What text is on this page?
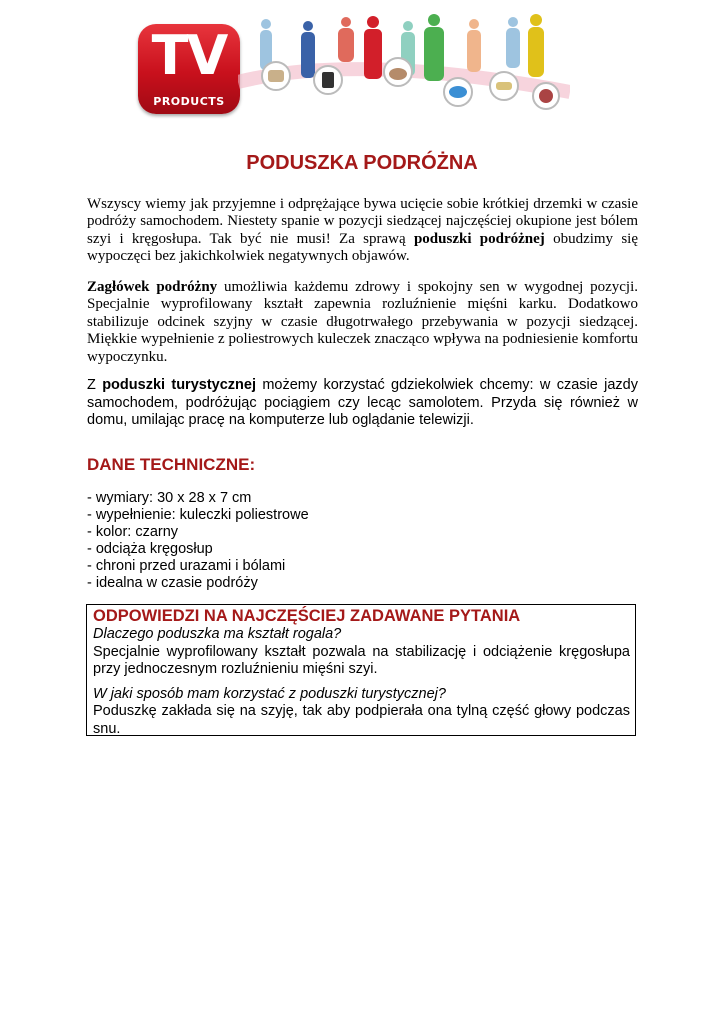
TV
PRODUCTS
PODUSZKA PODRÓŻNA

Wszyscy wiemy jak przyjemne i odprężające bywa ucięcie sobie krótkiej drzemki w czasie podróży samochodem. Niestety spanie w pozycji siedzącej najczęściej okupione jest bólem szyi i kręgosłupa. Tak być nie musi! Za sprawą poduszki podróżnej obudzimy się wypoczęci bez jakichkolwiek negatywnych objawów.

Zagłówek podróżny umożliwia każdemu zdrowy i spokojny sen w wygodnej pozycji. Specjalnie wyprofilowany kształt zapewnia rozluźnienie mięśni karku. Dodatkowo stabilizuje odcinek szyjny w czasie długotrwałego przebywania w pozycji siedzącej. Miękkie wypełnienie z poliestrowych kuleczek znacząco wpływa na podniesienie komfortu wypoczynku.

Z poduszki turystycznej możemy korzystać gdziekolwiek chcemy: w czasie jazdy samochodem, podróżując pociągiem czy lecąc samolotem. Przyda się również w domu, umilając pracę na komputerze lub oglądanie telewizji.

DANE TECHNICZNE:
- wymiary: 30 x 28 x 7 cm
- wypełnienie: kuleczki poliestrowe
- kolor: czarny
- odciąża kręgosłup
- chroni przed urazami i bólami
- idealna w czasie podróży
ODPOWIEDZI NA NAJCZĘŚCIEJ ZADAWANE PYTANIA
Dlaczego poduszka ma kształt rogala?
Specjalnie wyprofilowany kształt pozwala na stabilizację i odciążenie kręgosłupa przy jednoczesnym rozluźnieniu mięśni szyi.
W jaki sposób mam korzystać z poduszki turystycznej?
Poduszkę zakłada się na szyję, tak aby podpierała ona tylną część głowy podczas snu.
